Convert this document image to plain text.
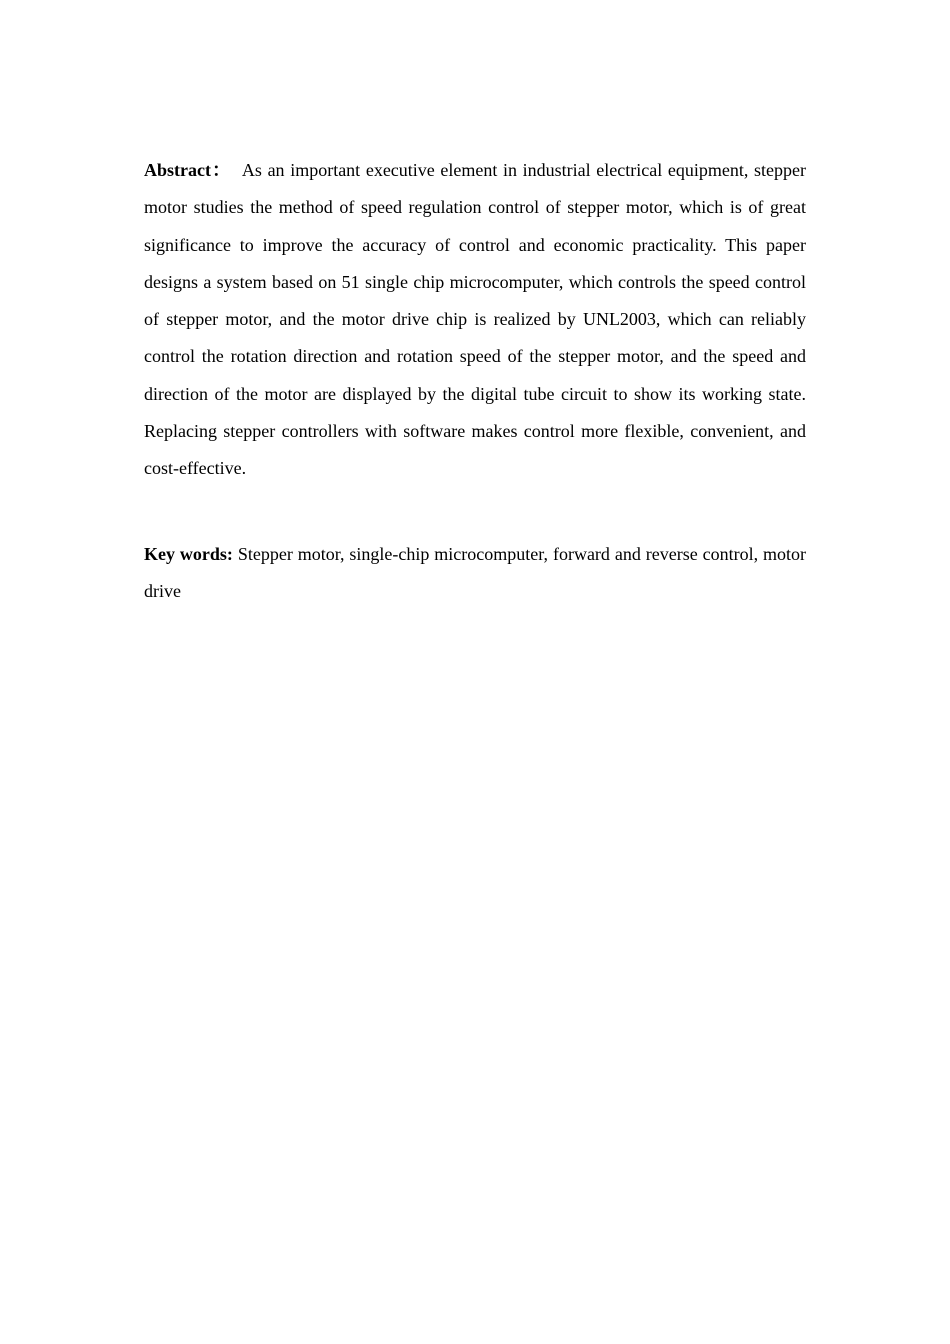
Abstract： As an important executive element in industrial electrical equipment, stepper motor studies the method of speed regulation control of stepper motor, which is of great significance to improve the accuracy of control and economic practicality. This paper designs a system based on 51 single chip microcomputer, which controls the speed control of stepper motor, and the motor drive chip is realized by UNL2003, which can reliably control the rotation direction and rotation speed of the stepper motor, and the speed and direction of the motor are displayed by the digital tube circuit to show its working state. Replacing stepper controllers with software makes control more flexible, convenient, and cost-effective.

Key words: Stepper motor, single-chip microcomputer, forward and reverse control, motor drive
